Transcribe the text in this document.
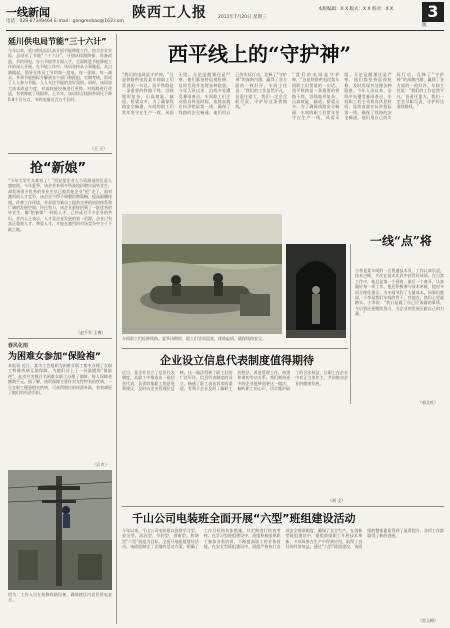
一线新闻	陕西工人报
电话：029-87349464 E-mail：gongrenbao@163.com
2011年7月20日 星期三
本版编辑：X X 版式：X X 校对：X X	3
版
延川供电局节能“三十六计”
今年以来，延川供电局认真开展节能降耗工作，结合企业实际，总结出了节能“三十六计”，分别从线路降损、设备改造、节约用电、办公节能等方面入手，全面推进节能降耗工作的深入开展。在节能工作中，该局坚持从小事做起，从点滴做起，倡导全体员工节约每一度电、每一张纸、每一滴水，并将节能指标分解到各个部门和班组，定期考核，形成了人人参与节能、人人关注节能的良好氛围。同时，该局加大技术改造力度，对高耗能设备进行更换，对线路进行改造，有效降低了线损率。上半年，该局综合线损率同比下降0.8个百分点，节约电量近百万千瓦时。
（王 天）
抢“新娘”
“今年大学生太难招了！”西安某企业人力资源部的负责人感叹道。今年夏季，该企业来到多所高校招聘应届毕业生，却发现很多优秀的毕业生早已被其他企业“抢”走了。面对激烈的人才竞争，该企业不得不调整招聘策略，提高薪酬待遇，改善工作环境，并承诺为新员工提供完善的培训体系和广阔的发展空间。经过努力，该企业最终招到了一批优秀的毕业生。像“抢新娘”一样抢人才，已经成为不少企业的共识。业内人士表示，人才是企业发展的第一资源，企业只有真正重视人才、尊重人才，才能在激烈的市场竞争中立于不败之地。
（赵千军 王梅）
春风化雨
为困难女参加“保险袍”
本报讯 近日，某市工会组织为困难女职工集中办理了女职工特殊疾病互助保障，为她们送上了一份温暖的“保险袍”。此次共为数百名困难女职工办理了保障，每人保障金额数千元。据了解，该项保障主要针对女性特有的疾病，一旦女职工罹患相关疾病，可获得相应的经济补助，有效减轻了她们的经济负担。
（吴 红）
图为：工作人员在检修线路设备，确保辖区内居民用电安全。
西平线上的“守护神”
“我们的电网是守护神，”这是铁路供电段某车间职工们常说的一句话。西平铁路是一条重要的铁路干线，沿线地形复杂，山高坡陡，隧道、桥梁众多。为了确保线路安全畅通，车间的职工们常年坚守在生产一线，风雨无阻。无论是酷暑还是严寒，他们都坚持巡视检修，及时发现并处理各种隐患。今年入汛以来，沿线多处遭受暴雨袭击，车间职工们主动放弃休息时间，连续奋战在抗洪抢险第一线，确保了线路的安全畅通。他们用自己的实际行动，诠释了“守护神”的深刻内涵，赢得了各方面的一致好评。车间主任说：“我们的工作虽然平凡，但责任重大，我们一定会尽职尽责，守护好这条铁路线。”
“我们的电网是守护神，”这是铁路供电段某车间职工们常说的一句话。西平铁路是一条重要的铁路干线，沿线地形复杂，山高坡陡，隧道、桥梁众多。为了确保线路安全畅通，车间的职工们常年坚守在生产一线，风雨无阻。无论是酷暑还是严寒，他们都坚持巡视检修，及时发现并处理各种隐患。今年入汛以来，沿线多处遭受暴雨袭击，车间职工们主动放弃休息时间，连续奋战在抗洪抢险第一线，确保了线路的安全畅通。他们用自己的实际行动，诠释了“守护神”的深刻内涵，赢得了各方面的一致好评。车间主任说：“我们的工作虽然平凡，但责任重大，我们一定会尽职尽责，守护好这条铁路线。”
车间职工们检修线路。夏季汛期时，职工们冒雨巡查，排除险情，确保线路安全。
一线“点”将
小李是某车间的一名普通技术员，工作认真负责，技术过硬，多次在技术比武中获得好成绩。在日常工作中，他总是第一个到岗，最后一个离开，认真做好每一项工作。他还积极参与技术革新，提出多项合理化建议，为车间节约了大量成本。同事们都说，小李是我们车间的骨干，有他在，我们心里就踏实。小李说：“我只是做了自己应该做的事情，今后我还要继续努力，为企业的发展贡献自己的力量。”
（郭全旺）
企业设立信息代表制度值得期待
近日，某企业设立了信息代表制度，从职工中推选出一批信息代表，负责收集职工的意见和建议，及时向企业管理层反映。这一做法得到了职工们的广泛好评。信息代表制度的设立，畅通了职工表达诉求的渠道，有利于企业及时了解职工的想法，改进管理工作，构建和谐的劳动关系。我们期待更多的企业能够借鉴这一做法，倾听职工的心声，切实维护职工的合法权益，让职工在企业中真正当家作主，共同推动企业的健康发展。
（胡 文）
千山公司电装班全面开展“六型”班组建设活动
今年以来，千山公司电装班以创建学习型、安全型、清洁型、节约型、创新型、和谐型“六型”班组为目标，全面开展班组建设活动。该班组制定了详细的活动方案，明确了工作目标和具体措施，并定期进行检查考核。在学习型班组建设中，班组积极组织职工参加各类培训，不断提高职工的业务技能。在安全型班组建设中，班组严格执行各项安全规章制度，确保了安全生产。在创新型班组建设中，班组鼓励职工开展技术革新，多项成果在生产中得到应用，取得了良好的经济效益。通过“六型”班组建设，该班组的整体素质得到了显著提升，各项工作都取得了新的进展。
（雷玉梅）
